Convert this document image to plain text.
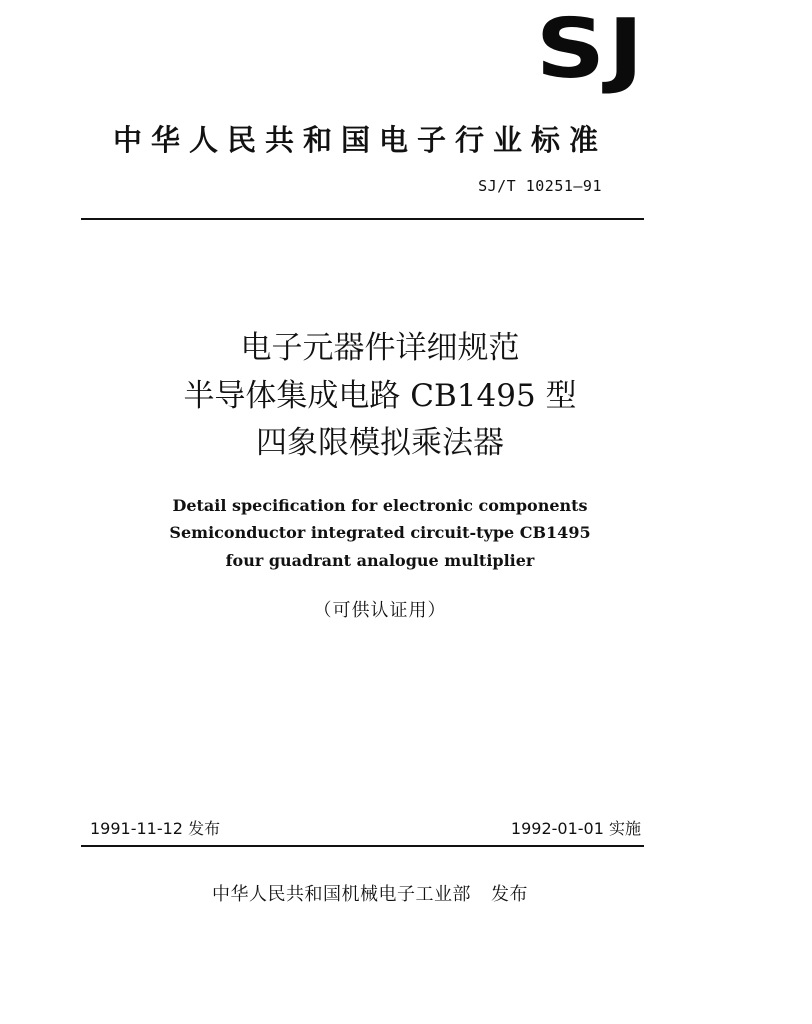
SJ
中华人民共和国电子行业标准
SJ/T 10251—91
电子元器件详细规范
半导体集成电路 CB1495 型
四象限模拟乘法器
Detail specification for electronic components
Semiconductor integrated circuit-type CB1495
four guadrant analogue multiplier
（可供认证用）
1991-11-12 发布	1992-01-01 实施
中华人民共和国机械电子工业部 发布
